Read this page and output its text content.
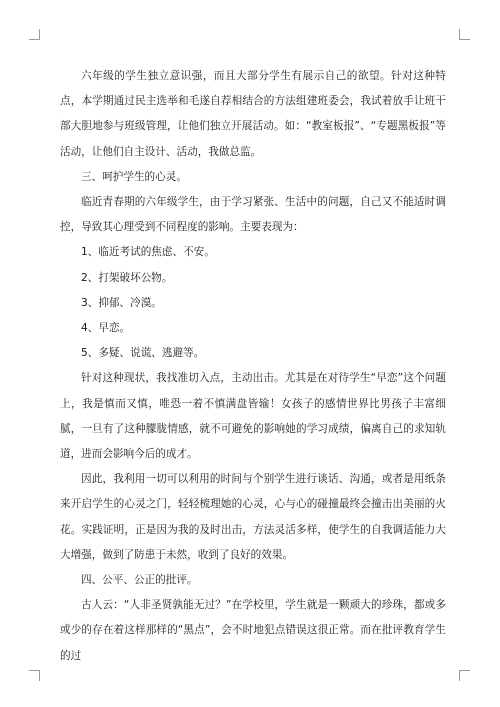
六年级的学生独立意识强，而且大部分学生有展示自己的欲望。针对这种特点，本学期通过民主选举和毛遂自荐相结合的方法组建班委会，我试着放手让班干部大胆地参与班级管理，让他们独立开展活动。如：“教室板报”、“专题黑板报”等活动，让他们自主设计、活动，我做总监。

三、呵护学生的心灵。

临近青春期的六年级学生，由于学习紧张、生活中的问题，自己又不能适时调控，导致其心理受到不同程度的影响。主要表现为：

1、临近考试的焦虑、不安。

2、打架破坏公物。

3、抑郁、冷漠。

4、早恋。

5、多疑、说谎、逃避等。

针对这种现状，我找准切入点，主动出击。尤其是在对待学生“早恋”这个问题上，我是慎而又慎，唯恐一着不慎满盘皆输！女孩子的感情世界比男孩子丰富细腻，一旦有了这种朦胧情感，就不可避免的影响她的学习成绩，偏离自己的求知轨道，进而会影响今后的成才。

因此，我利用一切可以利用的时间与个别学生进行谈话、沟通，或者是用纸条来开启学生的心灵之门，轻轻梳理她的心灵，心与心的碰撞最终会撞击出美丽的火花。实践证明，正是因为我的及时出击，方法灵活多样，使学生的自我调适能力大大增强，做到了防患于未然，收到了良好的效果。

四、公平、公正的批评。

古人云：“人非圣贤孰能无过？”在学校里，学生就是一颗顽大的珍珠，都或多或少的存在着这样那样的“黑点”，会不时地犯点错误这很正常。而在批评教育学生的过
